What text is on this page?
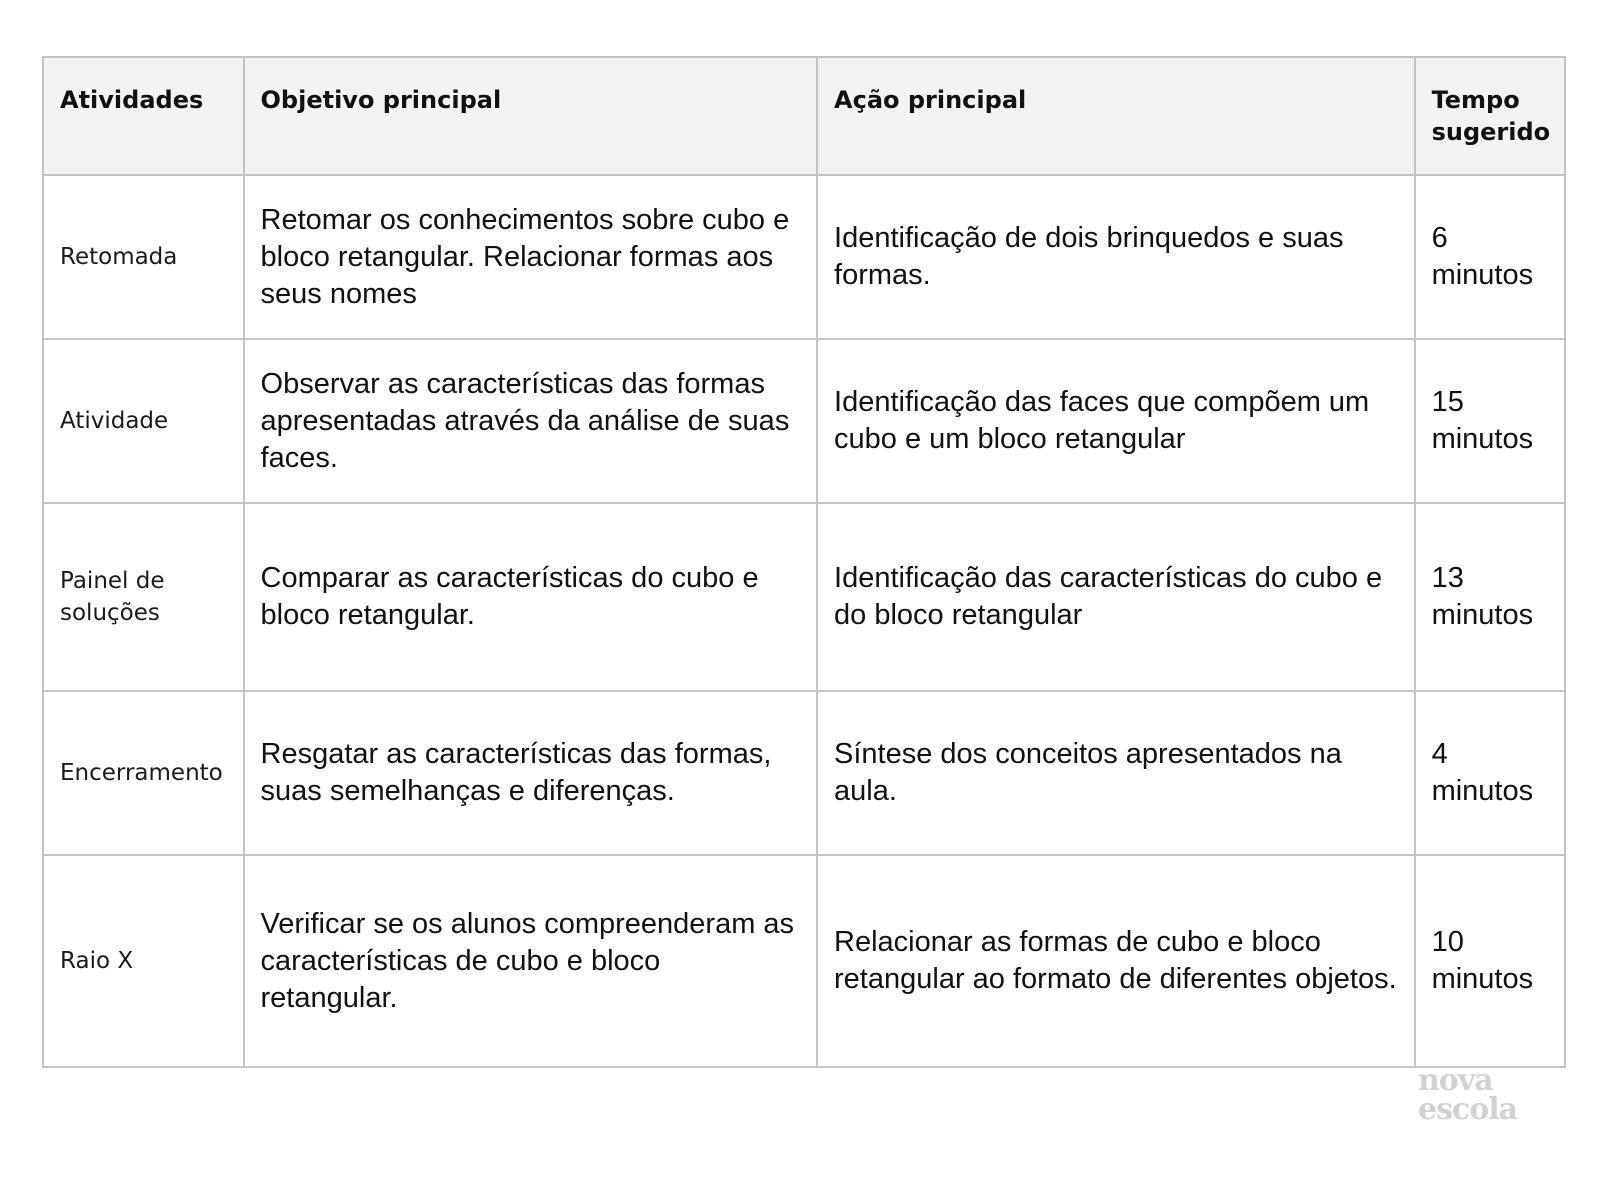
Atividades	Objetivo principal	Ação principal	Tempo sugerido
Retomada	Retomar os conhecimentos sobre cubo e bloco retangular. Relacionar formas aos seus nomes	Identificação de dois brinquedos e suas formas.	6 minutos
Atividade	Observar as características das formas apresentadas através da análise de suas faces.	Identificação das faces que compõem um cubo e um bloco retangular	15 minutos
Painel de soluções	Comparar as características do cubo e bloco retangular.	Identificação das características do cubo e do bloco retangular	13 minutos
Encerramento	Resgatar as características das formas, suas semelhanças e diferenças.	Síntese dos conceitos apresentados na aula.	4 minutos
Raio X	Verificar se os alunos compreenderam as características de cubo e bloco retangular.	Relacionar as formas de cubo e bloco retangular ao formato de diferentes objetos.	10 minutos
nova
escola
